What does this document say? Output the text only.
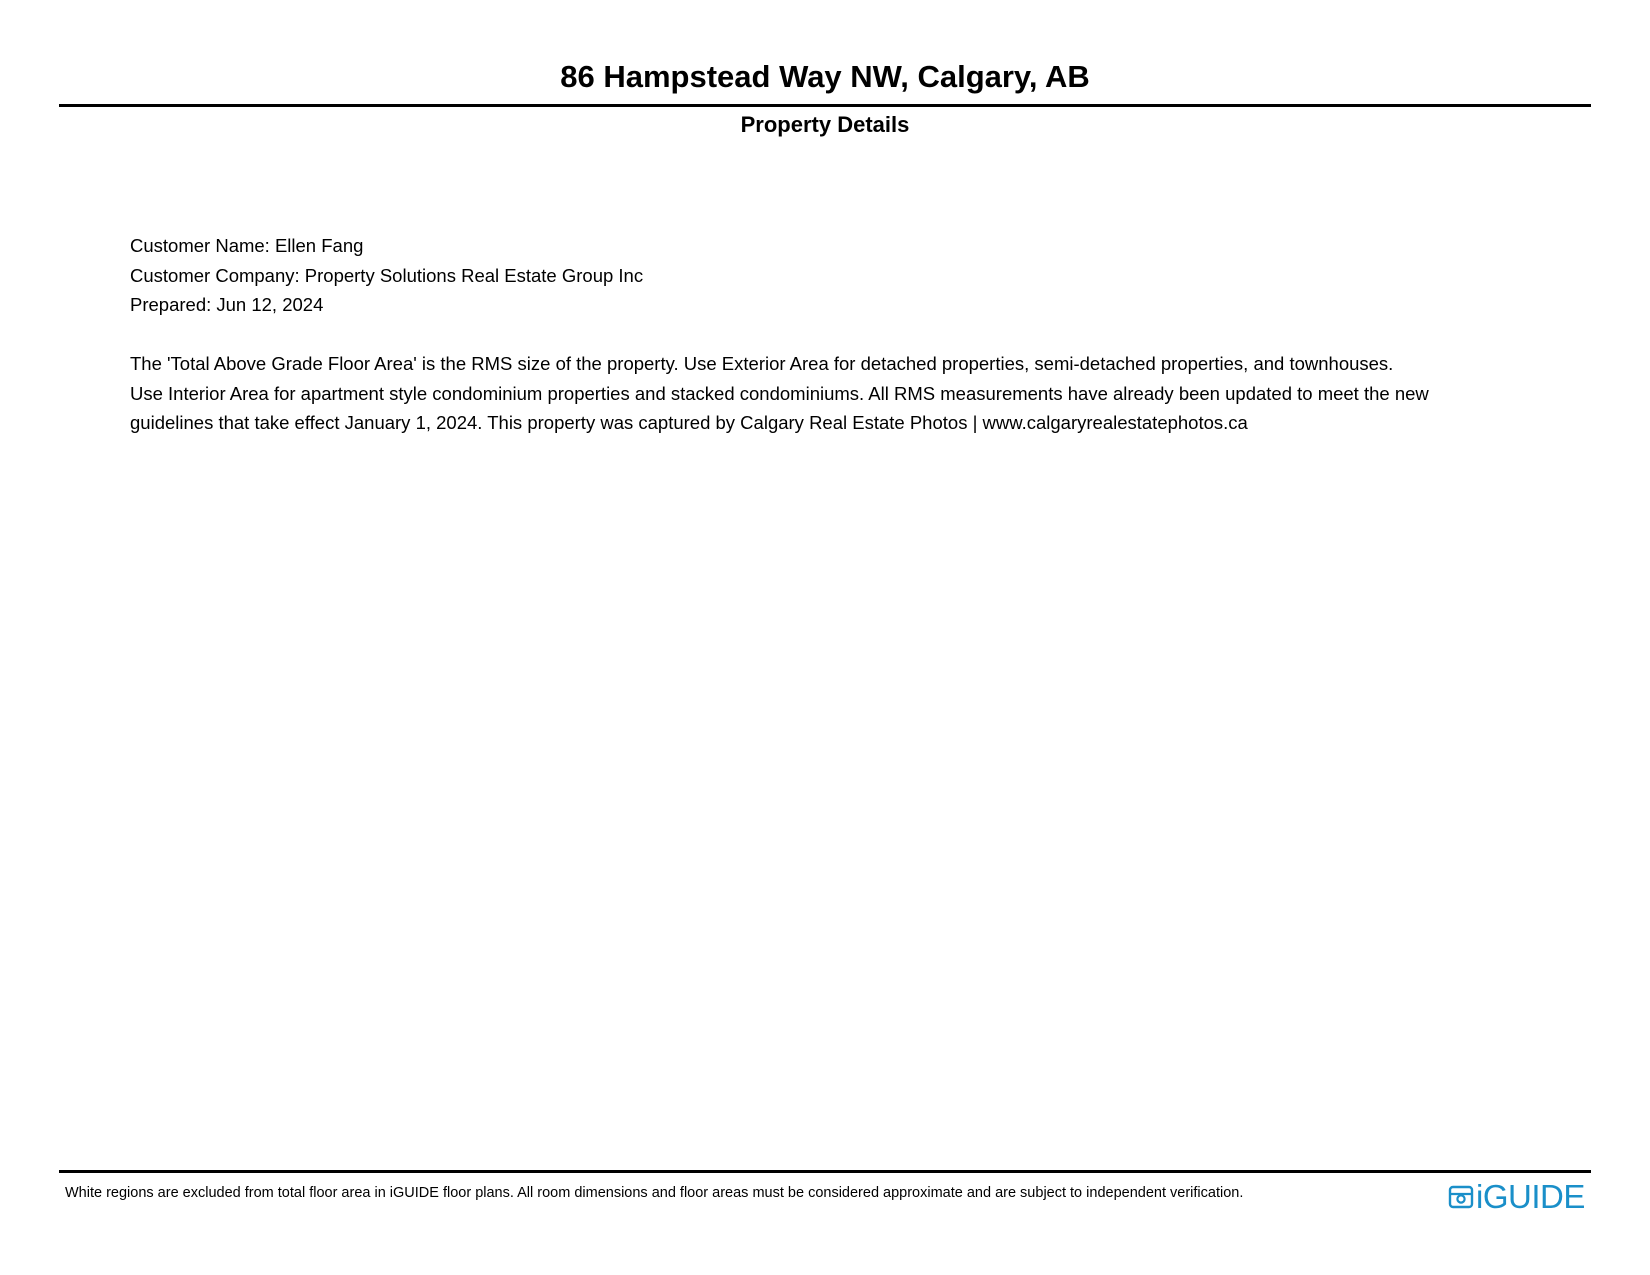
86 Hampstead Way NW, Calgary, AB
Property Details
Customer Name: Ellen Fang
Customer Company: Property Solutions Real Estate Group Inc
Prepared: Jun 12, 2024
The 'Total Above Grade Floor Area' is the RMS size of the property. Use Exterior Area for detached properties, semi-detached properties, and townhouses.
Use Interior Area for apartment style condominium properties and stacked condominiums. All RMS measurements have already been updated to meet the new
guidelines that take effect January 1, 2024. This property was captured by Calgary Real Estate Photos | www.calgaryrealestatephotos.ca
White regions are excluded from total floor area in iGUIDE floor plans. All room dimensions and floor areas must be considered approximate and are subject to independent verification.	iGUIDE
